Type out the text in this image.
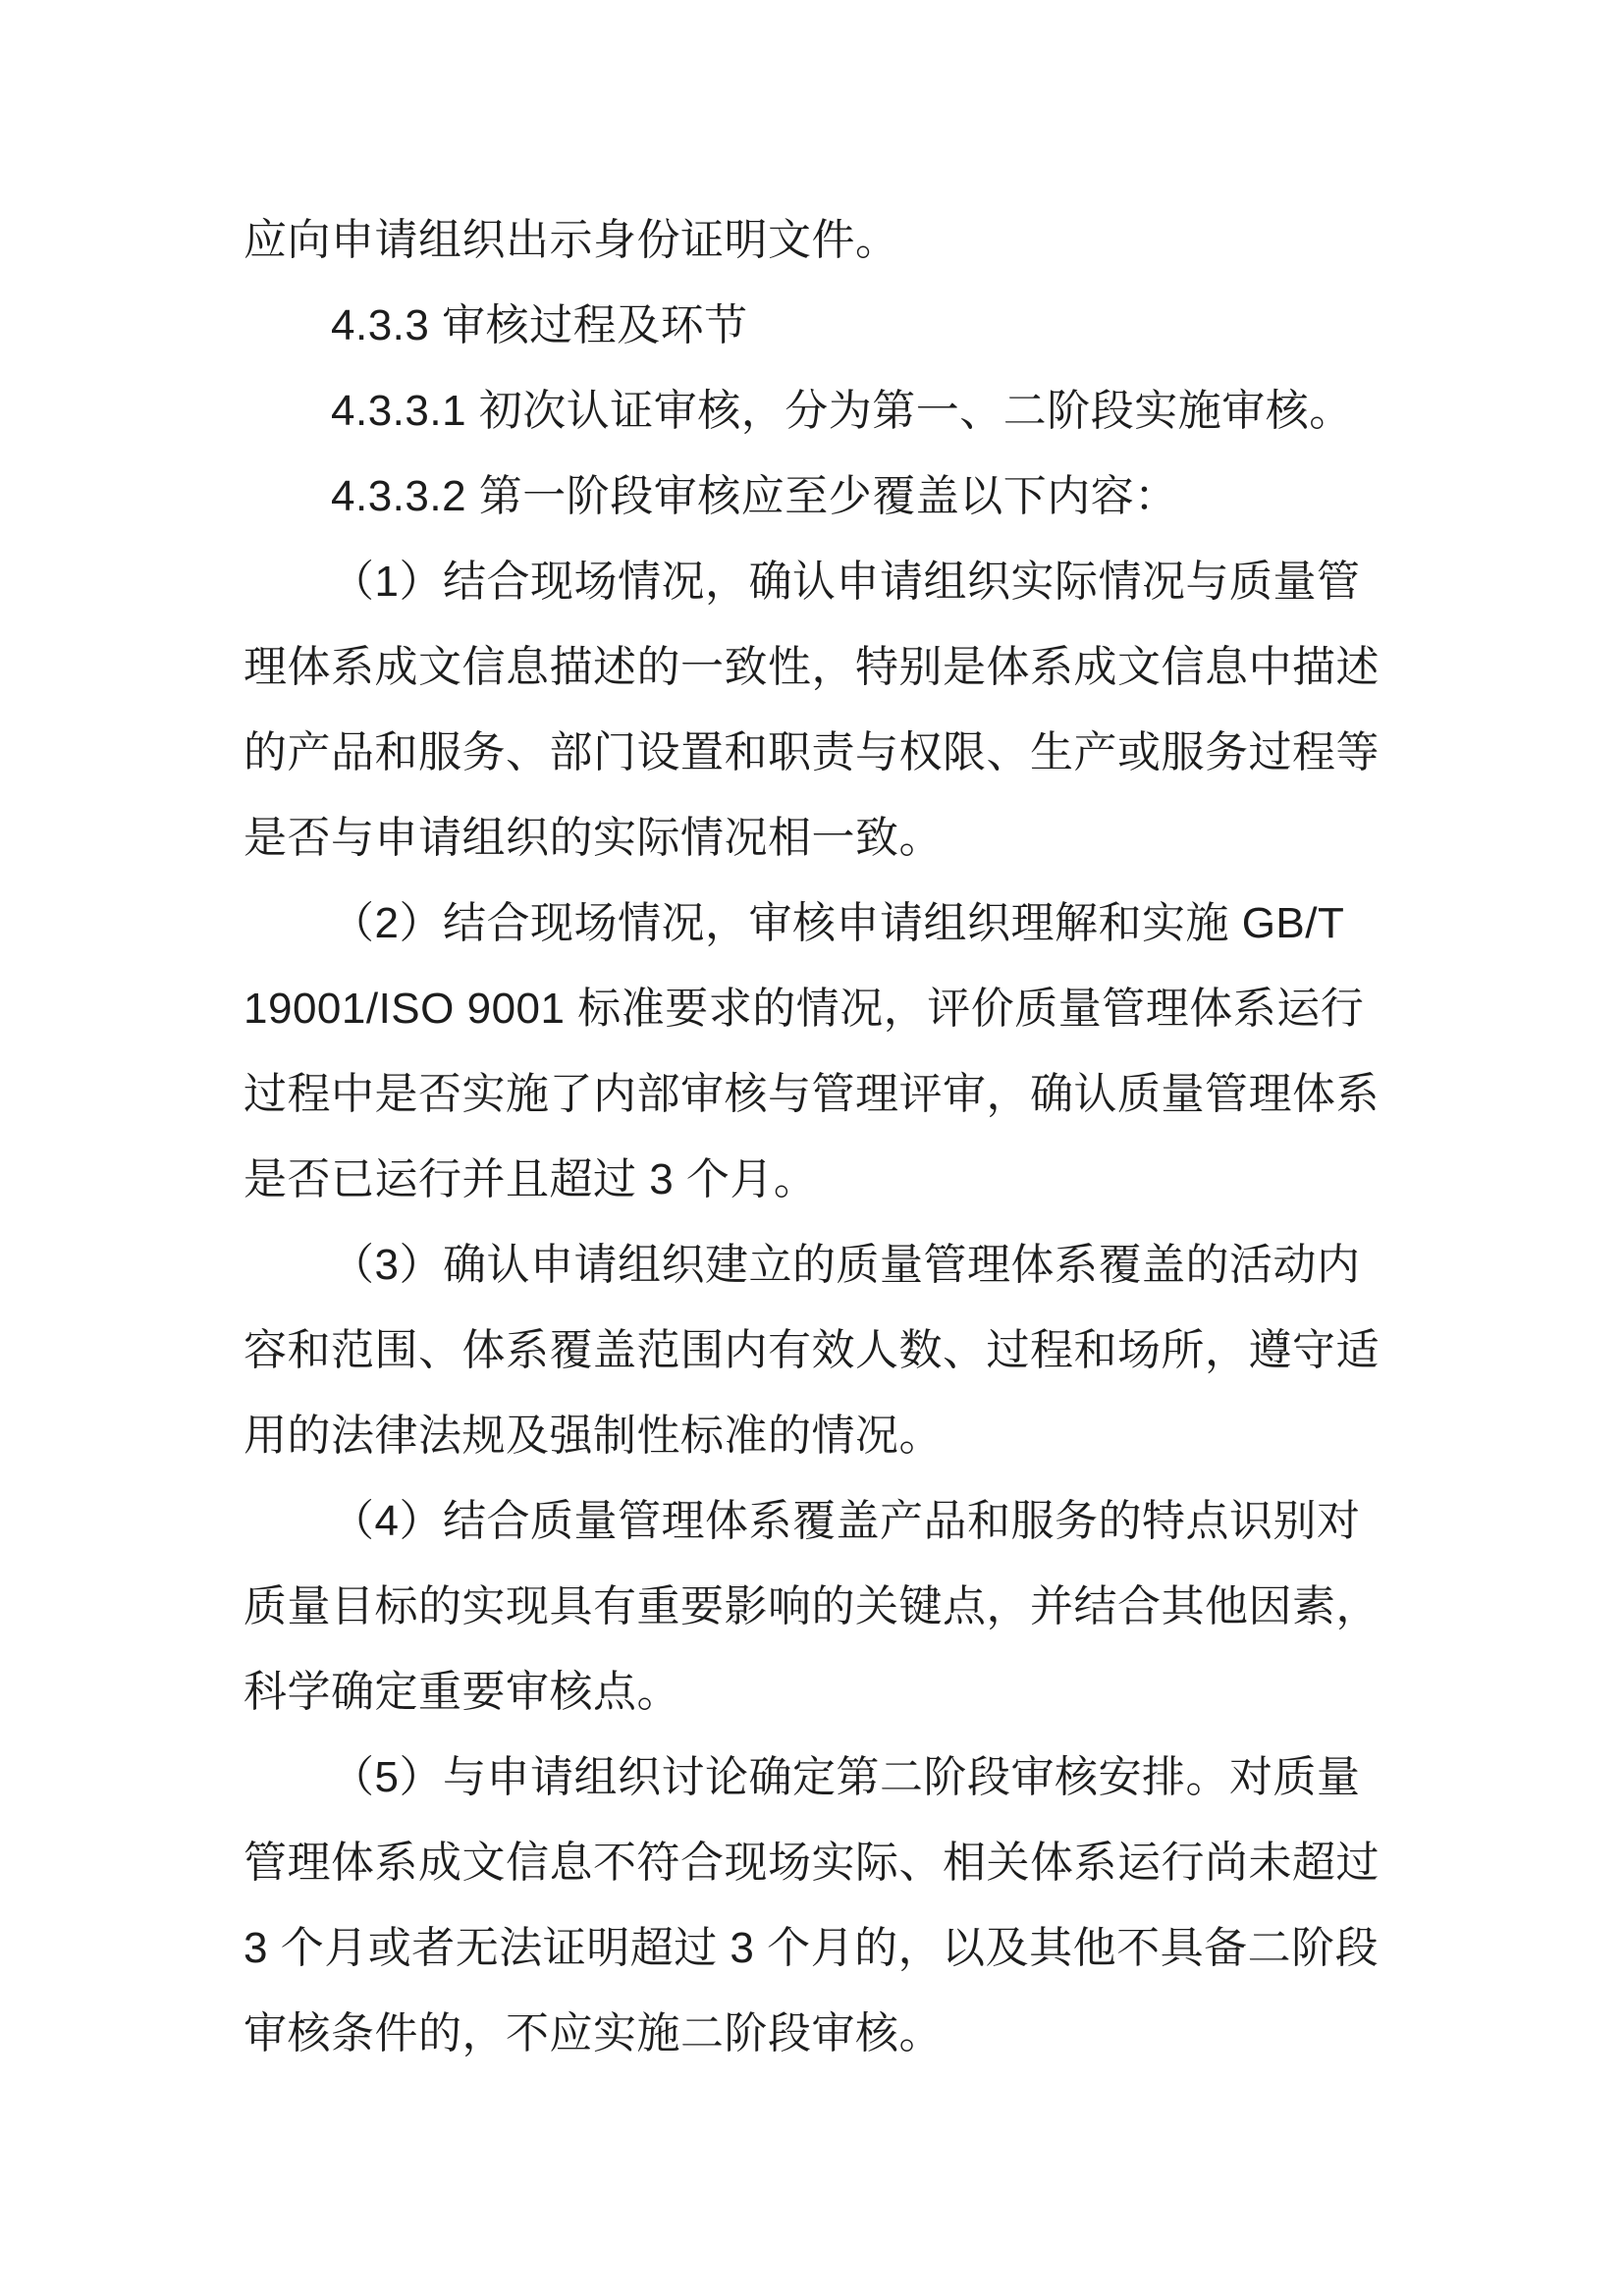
应向申请组织出示身份证明文件。
4.3.3 审核过程及环节
4.3.3.1 初次认证审核，分为第一、二阶段实施审核。
4.3.3.2 第一阶段审核应至少覆盖以下内容：
（1）结合现场情况，确认申请组织实际情况与质量管
理体系成文信息描述的一致性，特别是体系成文信息中描述
的产品和服务、部门设置和职责与权限、生产或服务过程等
是否与申请组织的实际情况相一致。
（2）结合现场情况，审核申请组织理解和实施 GB/T
19001/ISO 9001 标准要求的情况，评价质量管理体系运行
过程中是否实施了内部审核与管理评审，确认质量管理体系
是否已运行并且超过 3 个月。
（3）确认申请组织建立的质量管理体系覆盖的活动内
容和范围、体系覆盖范围内有效人数、过程和场所，遵守适
用的法律法规及强制性标准的情况。
（4）结合质量管理体系覆盖产品和服务的特点识别对
质量目标的实现具有重要影响的关键点，并结合其他因素，
科学确定重要审核点。
（5）与申请组织讨论确定第二阶段审核安排。对质量
管理体系成文信息不符合现场实际、相关体系运行尚未超过
3 个月或者无法证明超过 3 个月的，以及其他不具备二阶段
审核条件的，不应实施二阶段审核。
